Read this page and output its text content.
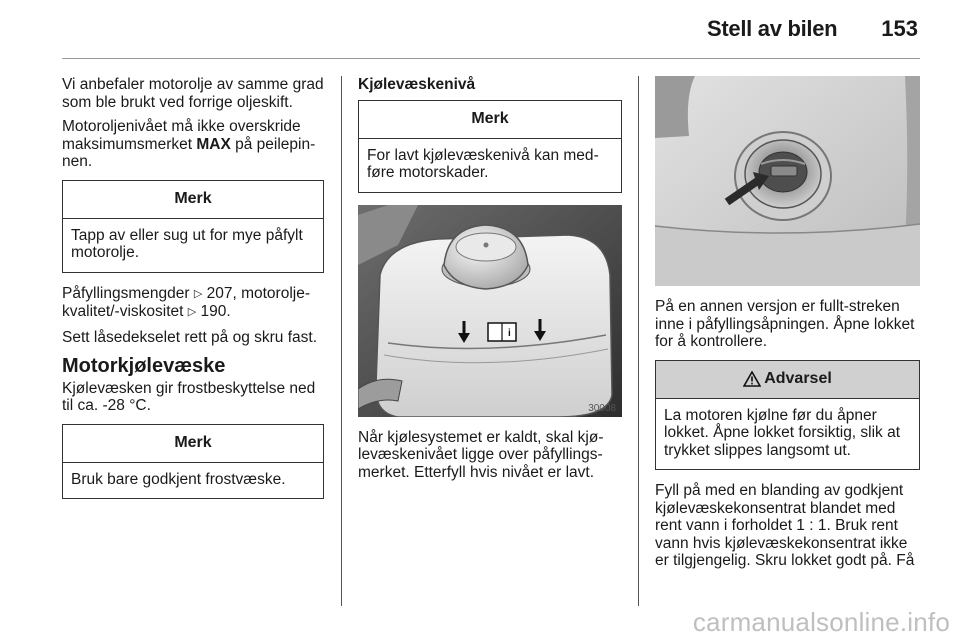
Stell av bilen 153
Vi anbefaler motorolje av samme grad som ble brukt ved forrige oljeskift.
Motoroljenivået må ikke overskride maksimumsmerket MAX på peilepinnen.
Merk
Tapp av eller sug ut for mye påfylt motorolje.
Påfyllingsmengder ▷ 207, motoroljekvalitet/-viskositet ▷ 190.
Sett låsedekselet rett på og skru fast.
Motorkjølevæske
Kjølevæsken gir frostbeskyttelse ned til ca. -28 °C.
Merk
Bruk bare godkjent frostvæske.
Kjølevæskenivå
Merk
For lavt kjølevæskenivå kan medføre motorskader.
i
30008
Når kjølesystemet er kaldt, skal kjølevæskenivået ligge over påfyllingsmerket. Etterfyll hvis nivået er lavt.
På en annen versjon er fullt-streken inne i påfyllingsåpningen. Åpne lokket for å kontrollere.
Advarsel
La motoren kjølne før du åpner lokket. Åpne lokket forsiktig, slik at trykket slippes langsomt ut.
Fyll på med en blanding av godkjent kjølevæskekonsentrat blandet med rent vann i forholdet 1 : 1. Bruk rent vann hvis kjølevæskekonsentrat ikke er tilgjengelig. Skru lokket godt på. Få
carmanualsonline.info
